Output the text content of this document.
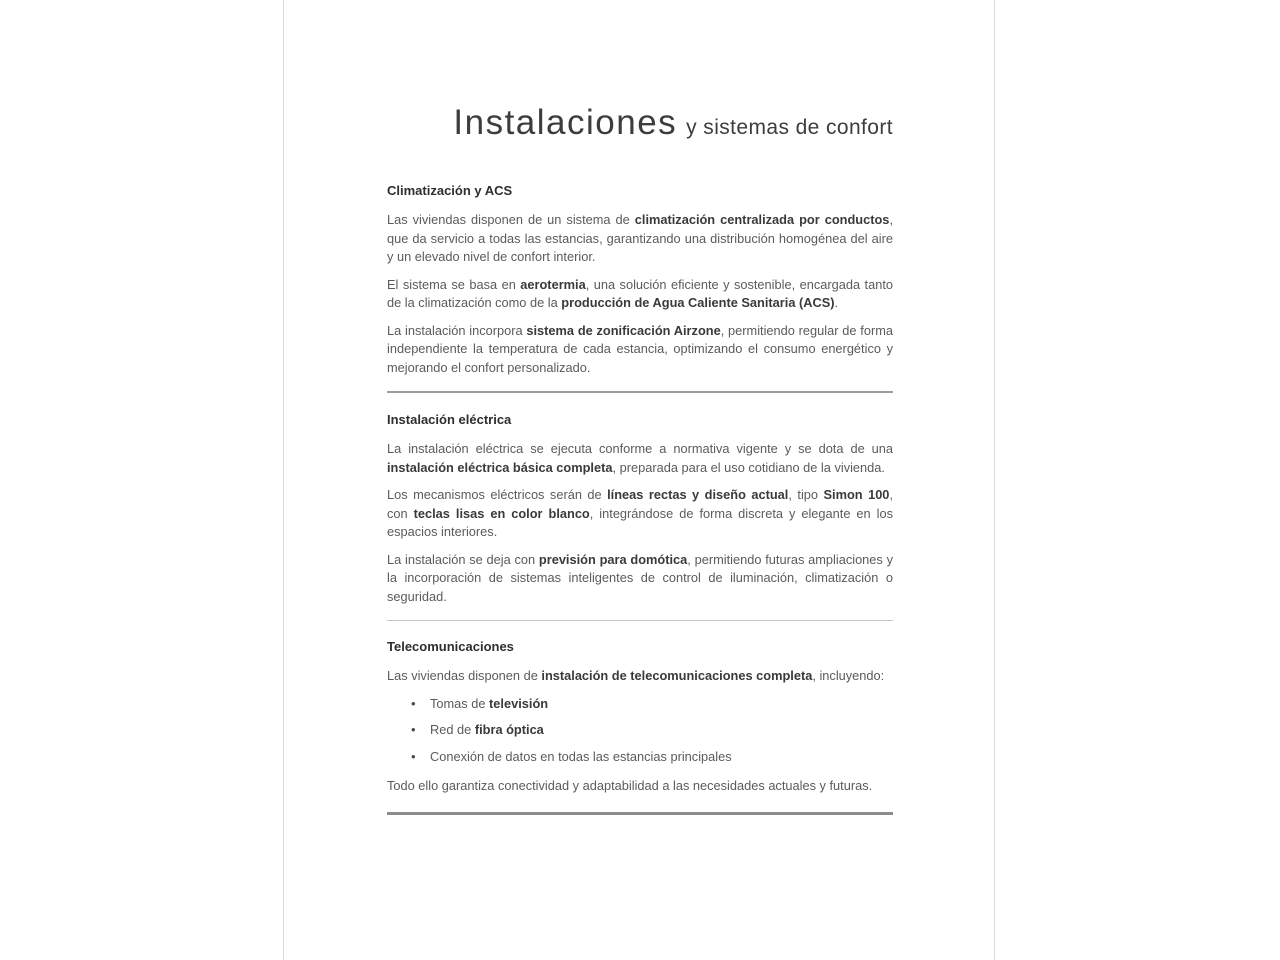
Instalaciones y sistemas de confort
Climatización y ACS

Las viviendas disponen de un sistema de climatización centralizada por conductos, que da servicio a todas las estancias, garantizando una distribución homogénea del aire y un elevado nivel de confort interior.

El sistema se basa en aerotermia, una solución eficiente y sostenible, encargada tanto de la climatización como de la producción de Agua Caliente Sanitaria (ACS).

La instalación incorpora sistema de zonificación Airzone, permitiendo regular de forma independiente la temperatura de cada estancia, optimizando el consumo energético y mejorando el confort personalizado.

Instalación eléctrica

La instalación eléctrica se ejecuta conforme a normativa vigente y se dota de una instalación eléctrica básica completa, preparada para el uso cotidiano de la vivienda.

Los mecanismos eléctricos serán de líneas rectas y diseño actual, tipo Simon 100, con teclas lisas en color blanco, integrándose de forma discreta y elegante en los espacios interiores.

La instalación se deja con previsión para domótica, permitiendo futuras ampliaciones y la incorporación de sistemas inteligentes de control de iluminación, climatización o seguridad.

Telecomunicaciones

Las viviendas disponen de instalación de telecomunicaciones completa, incluyendo:

• Tomas de televisión
• Red de fibra óptica
• Conexión de datos en todas las estancias principales

Todo ello garantiza conectividad y adaptabilidad a las necesidades actuales y futuras.
